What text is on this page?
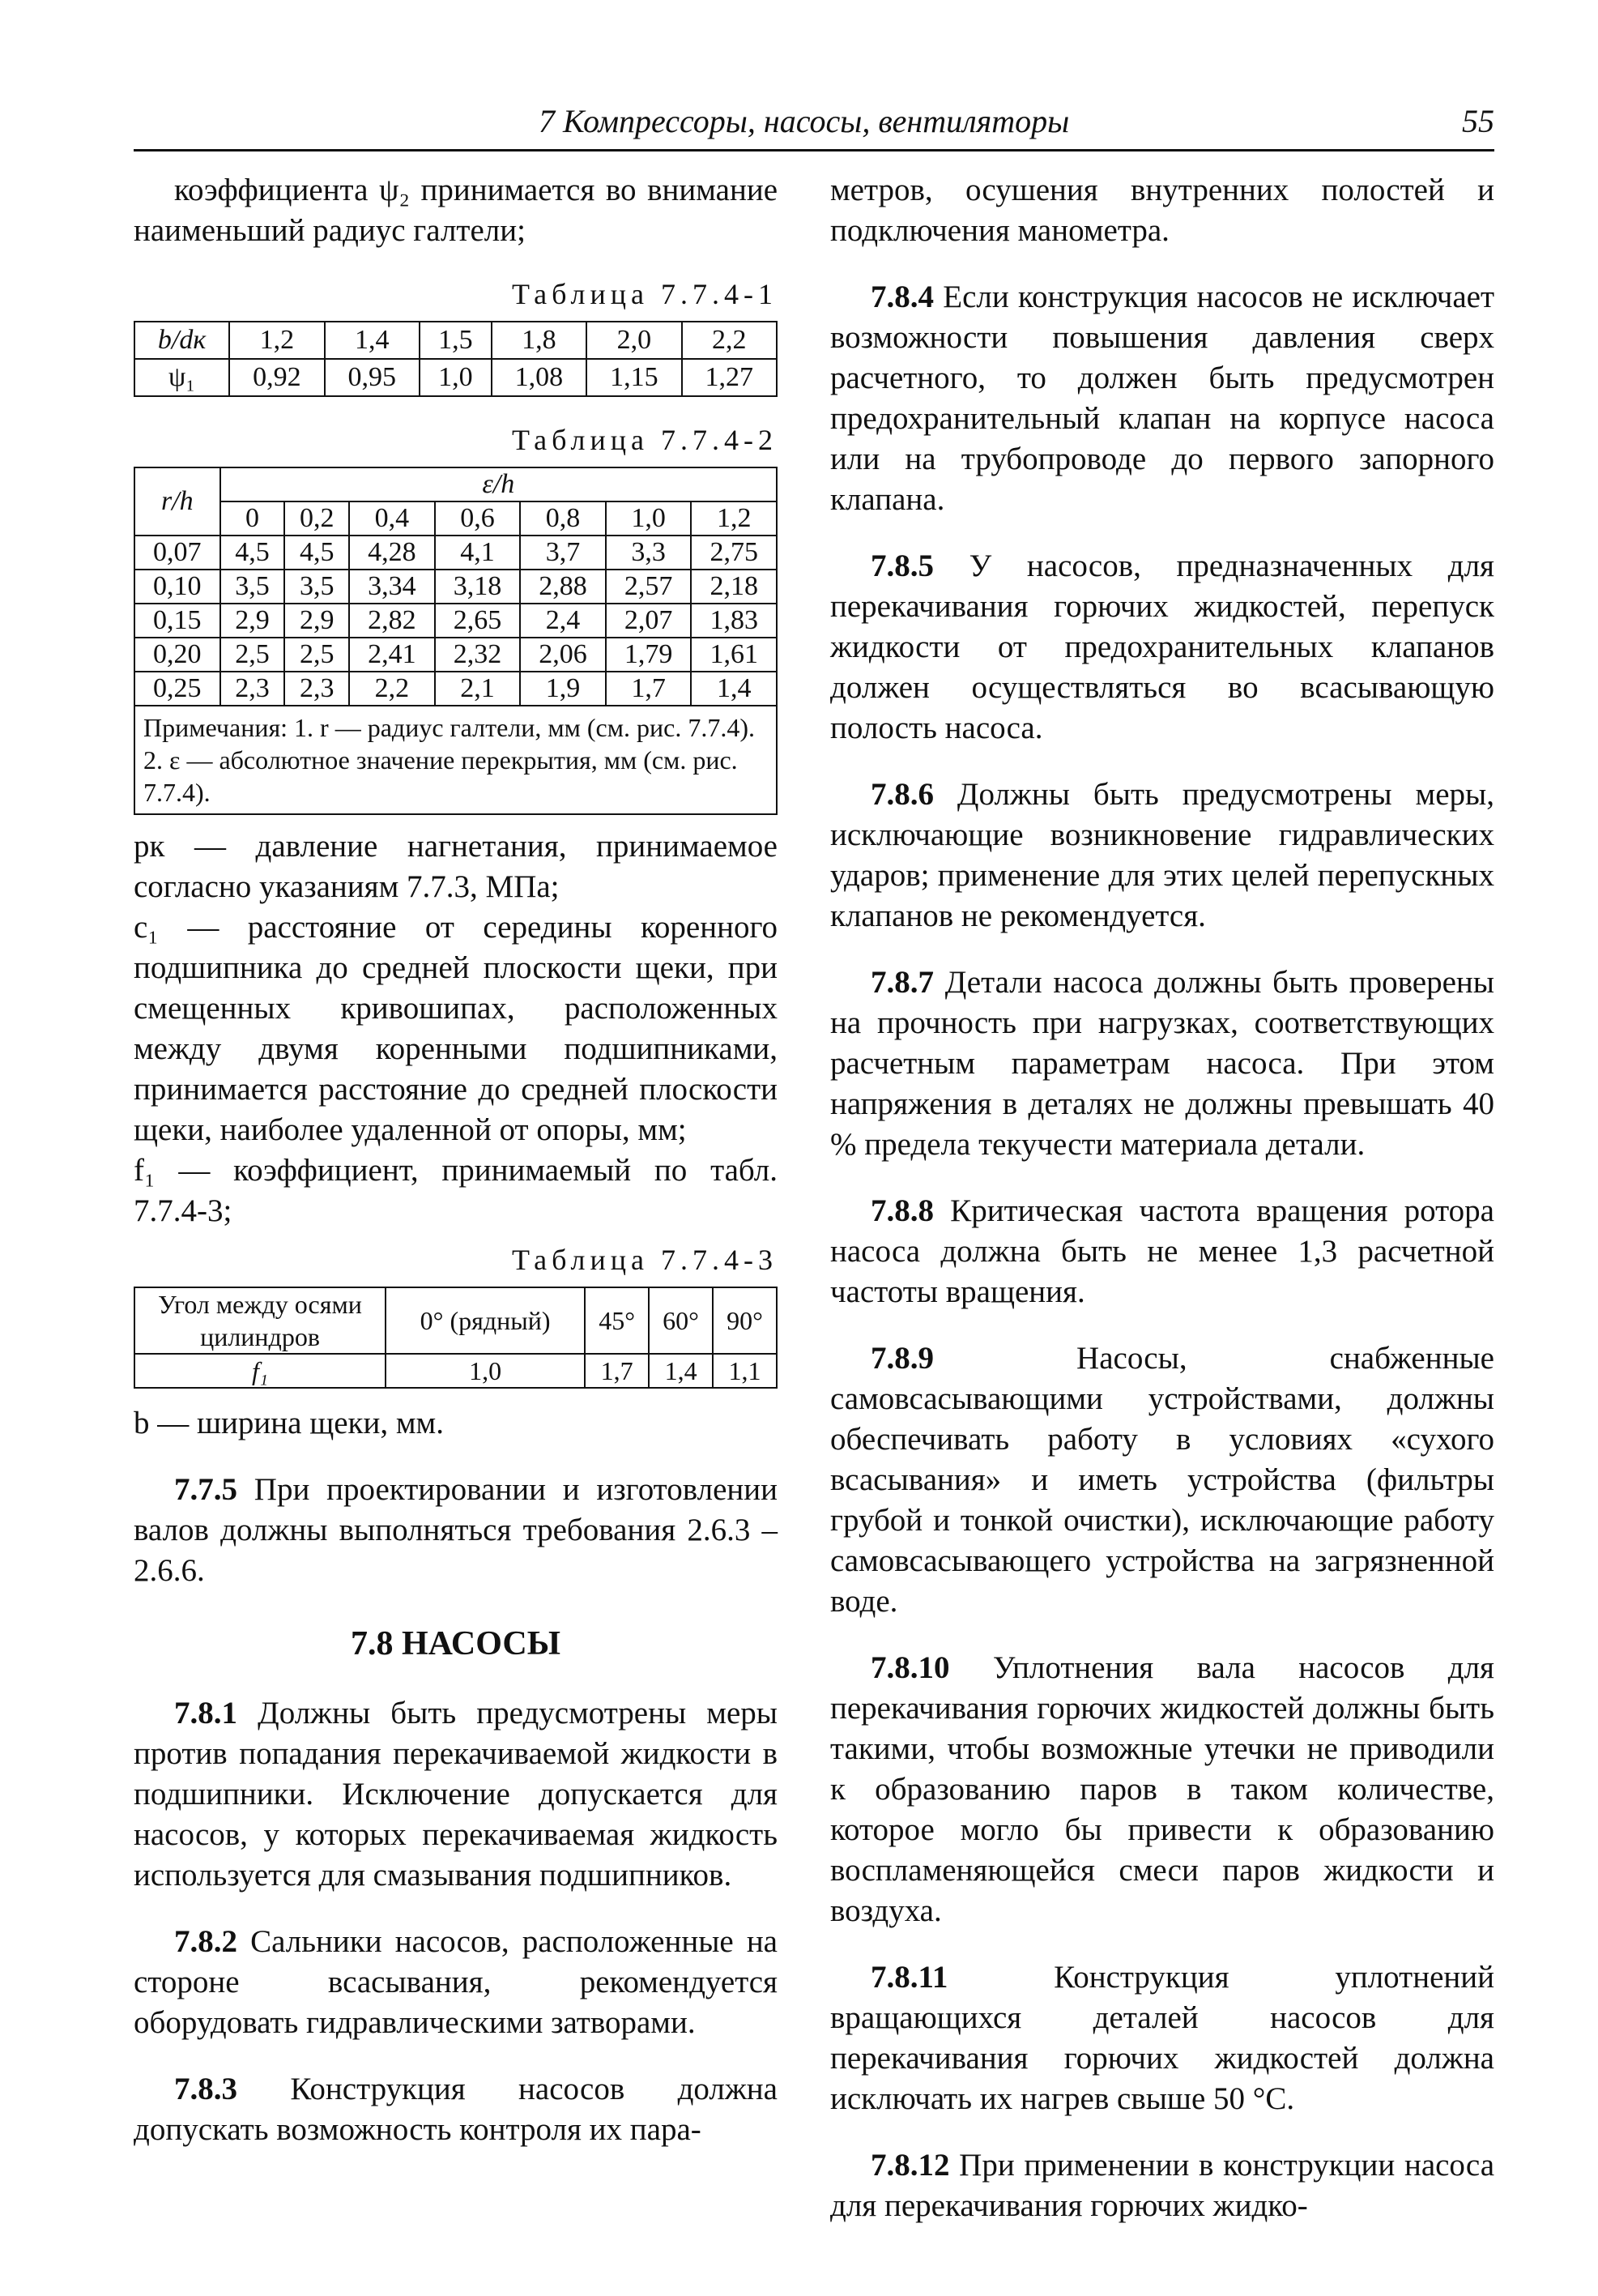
7 Компрессоры, насосы, вентиляторы	55

коэффициента ψ₂ принимается во внимание наименьший радиус галтели;

Таблица 7.7.4-1
b/dк	1,2	1,4	1,5	1,8	2,0	2,2
ψ₁	0,92	0,95	1,0	1,08	1,15	1,27
Таблица 7.7.4-2
r/h	ε/h						
	0	0,2	0,4	0,6	0,8	1,0	1,2
0,07	4,5	4,5	4,28	4,1	3,7	3,3	2,75
0,10	3,5	3,5	3,34	3,18	2,88	2,57	2,18
0,15	2,9	2,9	2,82	2,65	2,4	2,07	1,83
0,20	2,5	2,5	2,41	2,32	2,06	1,79	1,61
0,25	2,3	2,3	2,2	2,1	1,9	1,7	1,4
Примечания: 1. r — радиус галтели, мм (см. рис. 7.7.4). 2. ε — абсолютное значение перекрытия, мм (см. рис. 7.7.4).							

pк — давление нагнетания, принимаемое согласно указаниям 7.7.3, МПа;

c₁ — расстояние от середины коренного подшипника до средней плоскости щеки, при смещенных кривошипах, расположенных между двумя коренными подшипниками, принимается расстояние до средней плоскости щеки, наиболее удаленной от опоры, мм;

f₁ — коэффициент, принимаемый по табл. 7.7.4-3;

Таблица 7.7.4-3
Угол между осями цилиндров	0° (рядный)	45°	60°	90°
f₁	1,0	1,7	1,4	1,1

b — ширина щеки, мм.

7.7.5 При проектировании и изготовлении валов должны выполняться требования 2.6.3 – 2.6.6.

7.8 НАСОСЫ

7.8.1 Должны быть предусмотрены меры против попадания перекачиваемой жидкости в подшипники. Исключение допускается для насосов, у которых перекачиваемая жидкость используется для смазывания подшипников.

7.8.2 Сальники насосов, расположенные на стороне всасывания, рекомендуется оборудовать гидравлическими затворами.

7.8.3 Конструкция насосов должна допускать возможность контроля их пара-

метров, осушения внутренних полостей и подключения манометра.

7.8.4 Если конструкция насосов не исключает возможности повышения давления сверх расчетного, то должен быть предусмотрен предохранительный клапан на корпусе насоса или на трубопроводе до первого запорного клапана.

7.8.5 У насосов, предназначенных для перекачивания горючих жидкостей, перепуск жидкости от предохранительных клапанов должен осуществляться во всасывающую полость насоса.

7.8.6 Должны быть предусмотрены меры, исключающие возникновение гидравлических ударов; применение для этих целей перепускных клапанов не рекомендуется.

7.8.7 Детали насоса должны быть проверены на прочность при нагрузках, соответствующих расчетным параметрам насоса. При этом напряжения в деталях не должны превышать 40 % предела текучести материала детали.

7.8.8 Критическая частота вращения ротора насоса должна быть не менее 1,3 расчетной частоты вращения.

7.8.9 Насосы, снабженные самовсасывающими устройствами, должны обеспечивать работу в условиях «сухого всасывания» и иметь устройства (фильтры грубой и тонкой очистки), исключающие работу самовсасывающего устройства на загрязненной воде.

7.8.10 Уплотнения вала насосов для перекачивания горючих жидкостей должны быть такими, чтобы возможные утечки не приводили к образованию паров в таком количестве, которое могло бы привести к образованию воспламеняющейся смеси паров жидкости и воздуха.

7.8.11 Конструкция уплотнений вращающихся деталей насосов для перекачивания горючих жидкостей должна исключать их нагрев свыше 50 °C.

7.8.12 При применении в конструкции насоса для перекачивания горючих жидко-
